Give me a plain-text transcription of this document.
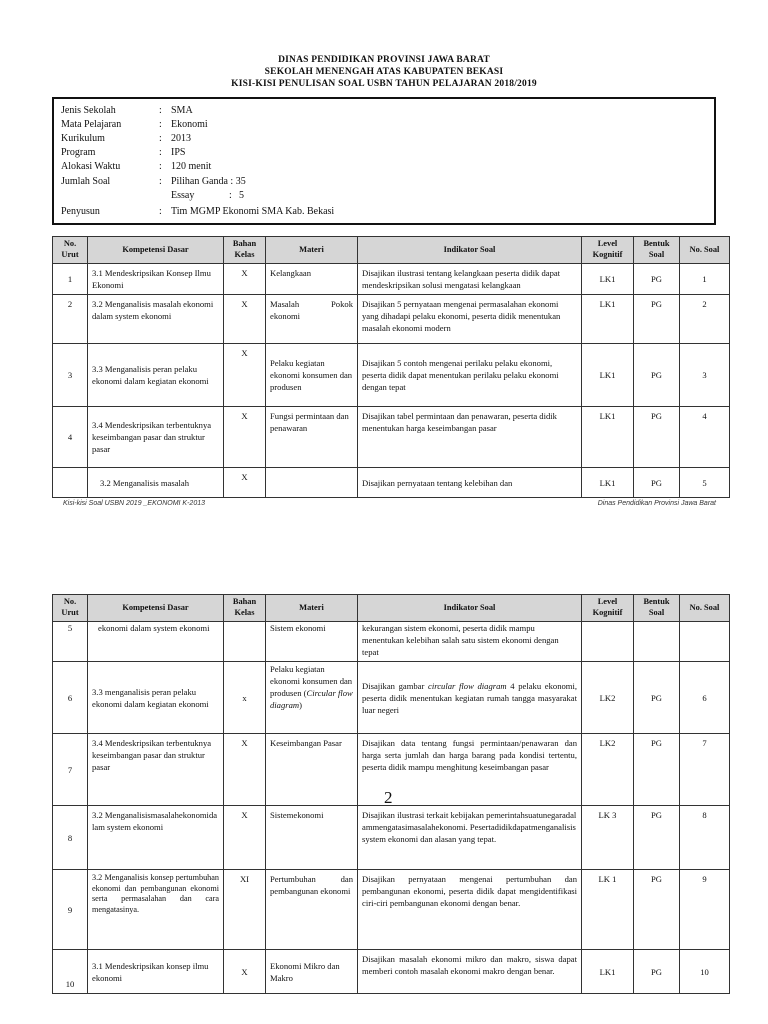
DINAS PENDIDIKAN PROVINSI JAWA BARAT
SEKOLAH MENENGAH ATAS KABUPATEN BEKASI
KISI-KISI PENULISAN SOAL USBN TAHUN PELAJARAN 2018/2019
Jenis Sekolah	: SMA
Mata Pelajaran	: Ekonomi
Kurikulum	: 2013
Program	: IPS
Alokasi Waktu	: 120 menit
Jumlah Soal	: Pilihan Ganda : 35
Essay	: 5
Penyusun	: Tim MGMP Ekonomi SMA Kab. Bekasi
No. Urut	Kompetensi Dasar	Bahan Kelas	Materi	Indikator Soal	Level Kognitif	Bentuk Soal	No. Soal
1	3.1 Mendeskripsikan Konsep Ilmu Ekonomi	X	Kelangkaan	Disajikan ilustrasi tentang kelangkaan peserta didik dapat mendeskripsikan solusi mengatasi kelangkaan	LK1	PG	1
2	3.2 Menganalisis masalah ekonomi dalam system ekonomi	X	Masalah Pokok ekonomi	Disajikan 5 pernyataan mengenai permasalahan ekonomi yang dihadapi pelaku ekonomi, peserta didik menentukan masalah ekonomi modern	LK1	PG	2
3	3.3 Menganalisis peran pelaku ekonomi dalam kegiatan ekonomi	X	Pelaku kegiatan ekonomi konsumen dan produsen	Disajikan 5 contoh mengenai perilaku pelaku ekonomi, peserta didik dapat menentukan perilaku pelaku ekonomi dengan tepat	LK1	PG	3
4	3.4 Mendeskripsikan terbentuknya keseimbangan pasar dan struktur pasar	X	Fungsi permintaan dan penawaran	Disajikan tabel permintaan dan penawaran, peserta didik menentukan harga keseimbangan pasar	LK1	PG	4
	3.2 Menganalisis masalah	X		Disajikan pernyataan tentang kelebihan dan	LK1	PG	5
Kisi-kisi Soal USBN 2019 _EKONOMI K-2013	Dinas Pendidikan Provinsi Jawa Barat
No. Urut	Kompetensi Dasar	Bahan Kelas	Materi	Indikator Soal	Level Kognitif	Bentuk Soal	No. Soal
5	ekonomi dalam system ekonomi		Sistem ekonomi	kekurangan sistem ekonomi, peserta didik mampu menentukan kelebihan salah satu sistem ekonomi dengan tepat			
6	3.3 menganalisis peran pelaku ekonomi dalam kegiatan ekonomi	x	Pelaku kegiatan ekonomi konsumen dan produsen (Circular flow diagram)	Disajikan gambar circular flow diagram 4 pelaku ekonomi, peserta didik menentukan kegiatan rumah tangga masyarakat luar negeri	LK2	PG	6
7	3.4 Mendeskripsikan terbentuknya keseimbangan pasar dan struktur pasar	X	Keseimbangan Pasar	Disajikan data tentang fungsi permintaan/penawaran dan harga serta jumlah dan harga barang pada kondisi tertentu, peserta didik mampu menghitung keseimbangan pasar	LK2	PG	7
8	3.2 Menganalisismasalahekonomidalam system ekonomi	X	Sistemekonomi	Disajikan ilustrasi terkait kebijakan pemerintahsuatunegaradalammengatasimasalahekonomi. Pesertadidikdapatmenganalisis system ekonomi dan alasan yang tepat.	LK 3	PG	8
9	3.2 Menganalisis konsep pertumbuhan ekonomi dan pembangunan ekonomi serta permasalahan dan cara mengatasinya.	XI	Pertumbuhan dan pembangunan ekonomi	Disajikan pernyataan mengenai pertumbuhan dan pembangunan ekonomi, peserta didik dapat mengidentifikasi ciri-ciri pembangunan ekonomi dengan benar.	LK 1	PG	9
10	3.1 Mendeskripsikan konsep ilmu ekonomi	X	Ekonomi Mikro dan Makro	Disajikan masalah ekonomi mikro dan makro, siswa dapat memberi contoh masalah ekonomi makro dengan benar.	LK1	PG	10
2
